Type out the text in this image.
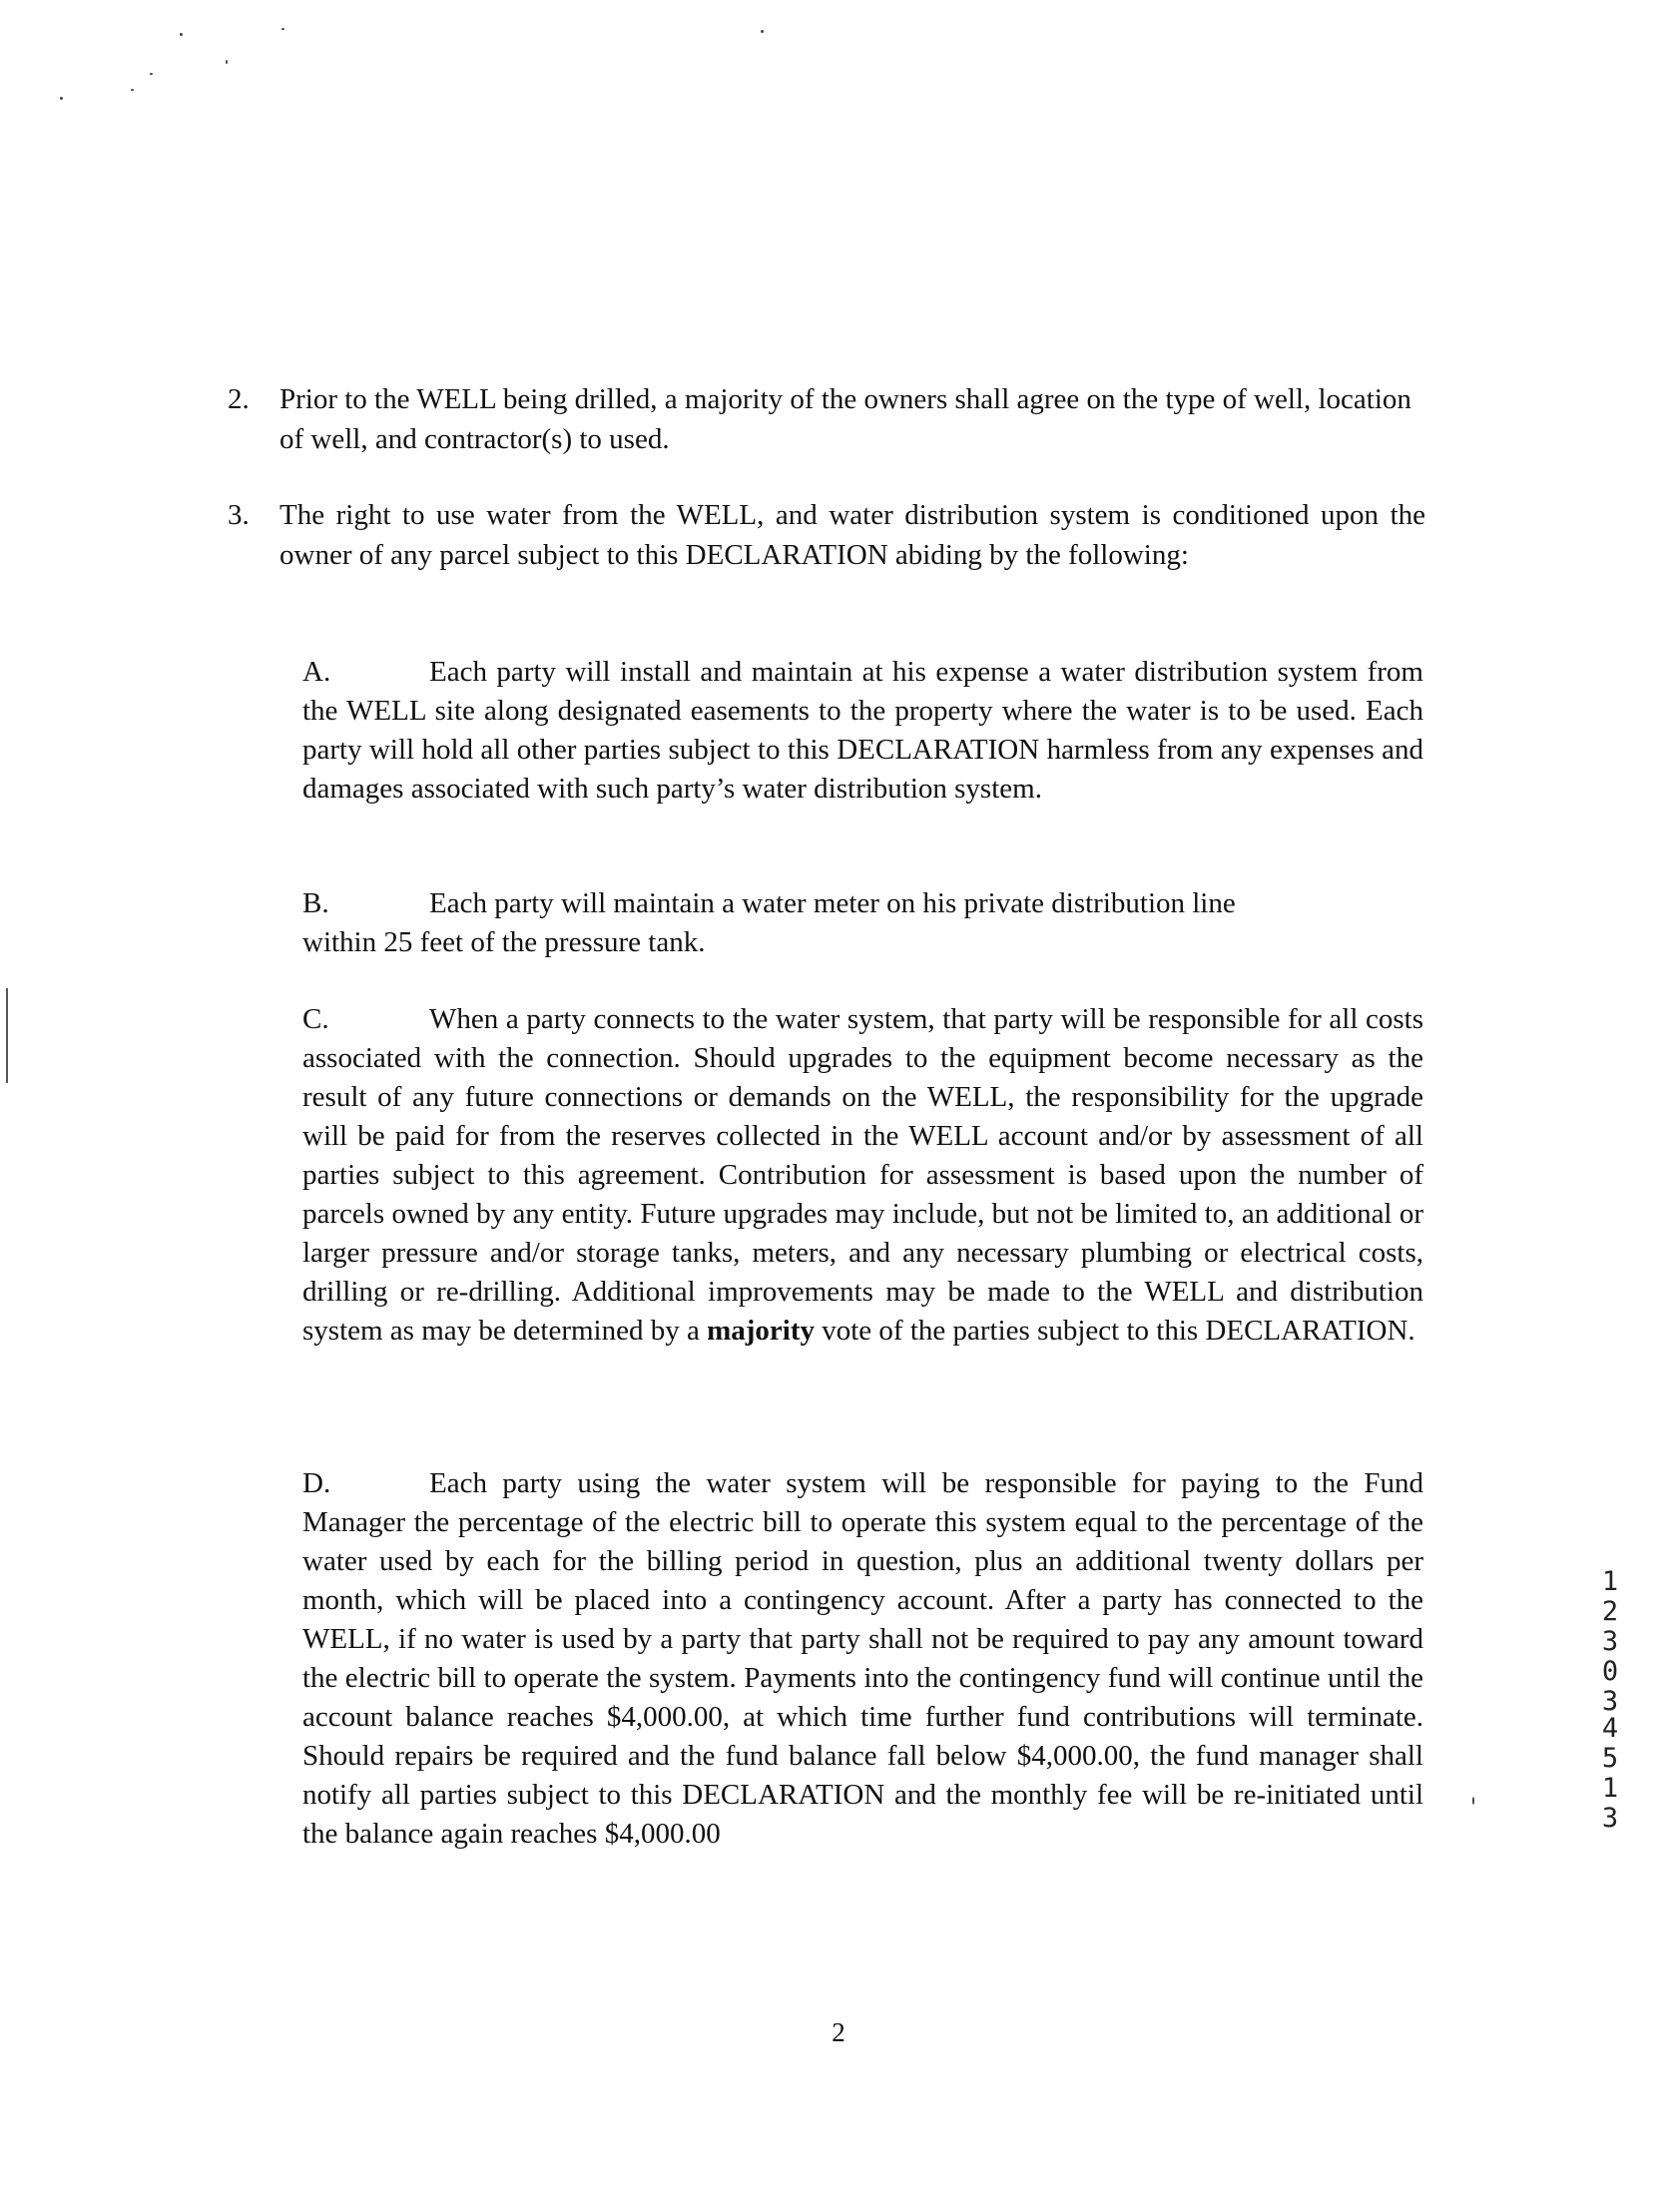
2. Prior to the WELL being drilled, a majority of the owners shall agree on the type of well, location of well, and contractor(s) to used.
3. The right to use water from the WELL, and water distribution system is conditioned upon the owner of any parcel subject to this DECLARATION abiding by the following:
A.	Each party will install and maintain at his expense a water distribution system from the WELL site along designated easements to the property where the water is to be used. Each party will hold all other parties subject to this DECLARATION harmless from any expenses and damages associated with such party’s water distribution system.
B.	Each party will maintain a water meter on his private distribution line
within 25 feet of the pressure tank.
C.	When a party connects to the water system, that party will be responsible for all costs associated with the connection. Should upgrades to the equipment become necessary as the result of any future connections or demands on the WELL, the responsibility for the upgrade will be paid for from the reserves collected in the WELL account and/or by assessment of all parties subject to this agreement. Contribution for assessment is based upon the number of parcels owned by any entity. Future upgrades may include, but not be limited to, an additional or larger pressure and/or storage tanks, meters, and any necessary plumbing or electrical costs, drilling or re-drilling. Additional improvements may be made to the WELL and distribution system as may be determined by a majority vote of the parties subject to this DECLARATION.
D.	Each party using the water system will be responsible for paying to the Fund Manager the percentage of the electric bill to operate this system equal to the percentage of the water used by each for the billing period in question, plus an additional twenty dollars per month, which will be placed into a contingency account. After a party has connected to the WELL, if no water is used by a party that party shall not be required to pay any amount toward the electric bill to operate the system. Payments into the contingency fund will continue until the account balance reaches $4,000.00, at which time further fund contributions will terminate. Should repairs be required and the fund balance fall below $4,000.00, the fund manager shall notify all parties subject to this DECLARATION and the monthly fee will be re-initiated until the balance again reaches $4,000.00
2
1
2
3
0
3
4
5
1
3
